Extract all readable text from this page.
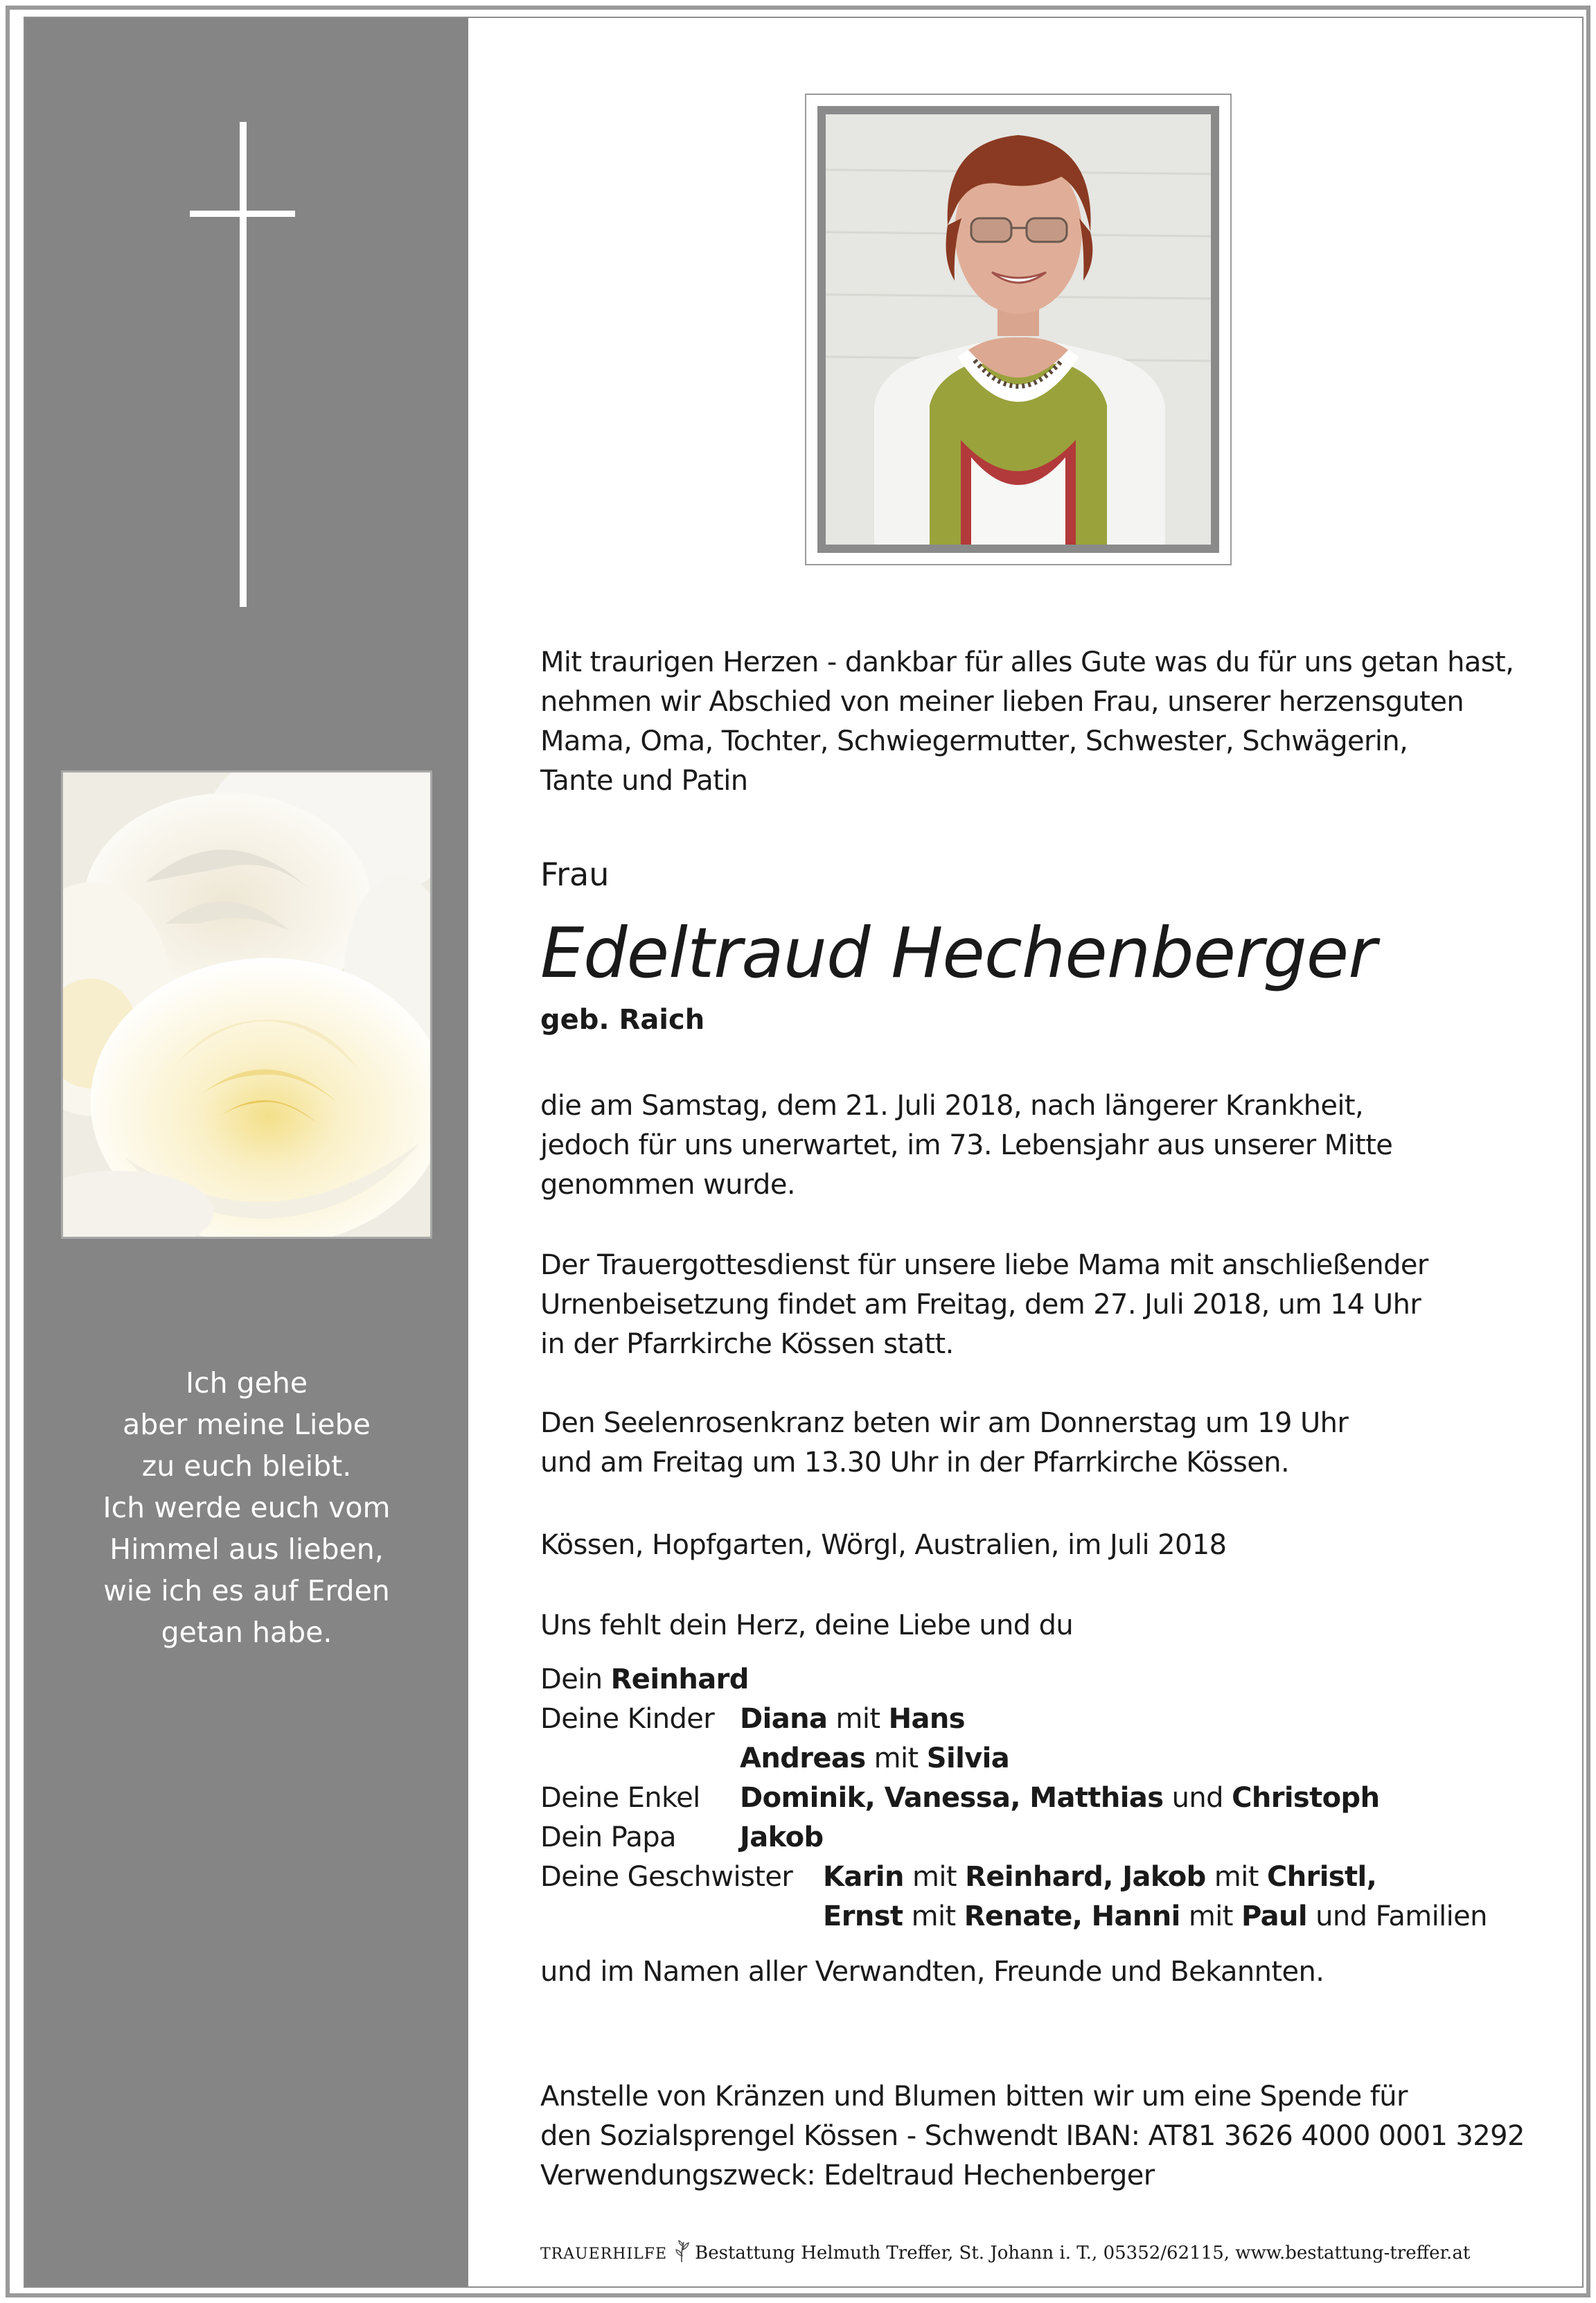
Ich gehe
aber meine Liebe
zu euch bleibt.
Ich werde euch vom
Himmel aus lieben,
wie ich es auf Erden
getan habe.
Mit traurigen Herzen - dankbar für alles Gute was du für uns getan hast,
nehmen wir Abschied von meiner lieben Frau, unserer herzensguten
Mama, Oma, Tochter, Schwiegermutter, Schwester, Schwägerin,
Tante und Patin
Frau
Edeltraud Hechenberger
geb. Raich
die am Samstag, dem 21. Juli 2018, nach längerer Krankheit,
jedoch für uns unerwartet, im 73. Lebensjahr aus unserer Mitte
genommen wurde.
Der Trauergottesdienst für unsere liebe Mama mit anschließender
Urnenbeisetzung findet am Freitag, dem 27. Juli 2018, um 14 Uhr
in der Pfarrkirche Kössen statt.
Den Seelenrosenkranz beten wir am Donnerstag um 19 Uhr
und am Freitag um 13.30 Uhr in der Pfarrkirche Kössen.
Kössen, Hopfgarten, Wörgl, Australien, im Juli 2018
Uns fehlt dein Herz, deine Liebe und du
Dein Reinhard
Deine Kinder Diana mit Hans
Andreas mit Silvia
Deine Enkel Dominik, Vanessa, Matthias und Christoph
Dein Papa Jakob
Deine Geschwister Karin mit Reinhard, Jakob mit Christl,
Ernst mit Renate, Hanni mit Paul und Familien
und im Namen aller Verwandten, Freunde und Bekannten.
Anstelle von Kränzen und Blumen bitten wir um eine Spende für
den Sozialsprengel Kössen - Schwendt IBAN: AT81 3626 4000 0001 3292
Verwendungszweck: Edeltraud Hechenberger
TRAUERHILFE Bestattung Helmuth Treffer, St. Johann i. T., 05352/62115, www.bestattung-treffer.at
